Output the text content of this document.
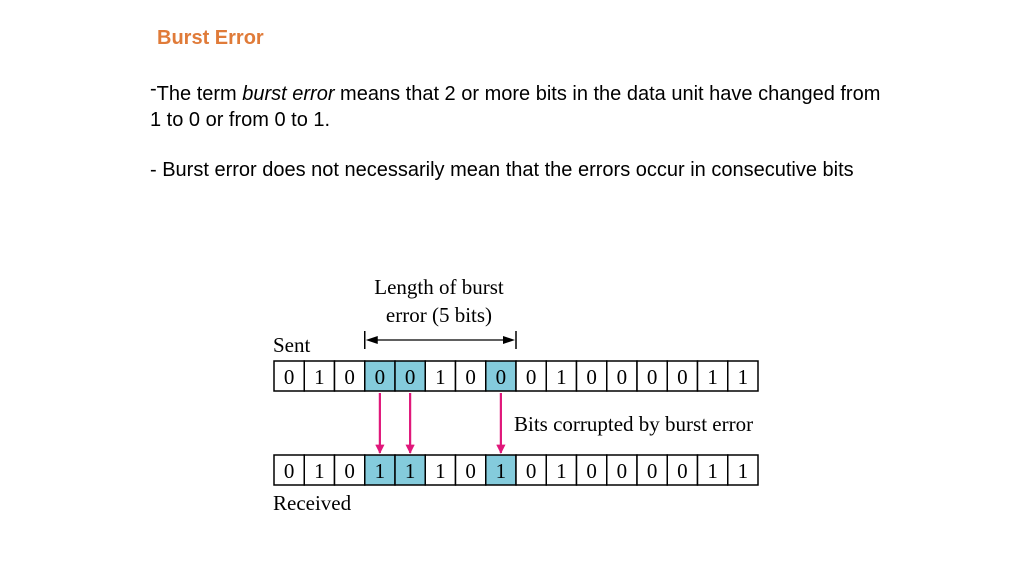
Burst Error
-The term burst error means that 2 or more bits in the data unit have changed from 1 to 0 or from 0 to 1.
- Burst error does not necessarily mean that the errors occur in consecutive bits
Length of burst
error (5 bits)
Sent
0 1 0 0 0 1 0 0 0 1 0 0 0 0 1 1
0 1 0 1 1 1 0 1 0 1 0 0 0 0 1 1
Bits corrupted by burst error
Received
